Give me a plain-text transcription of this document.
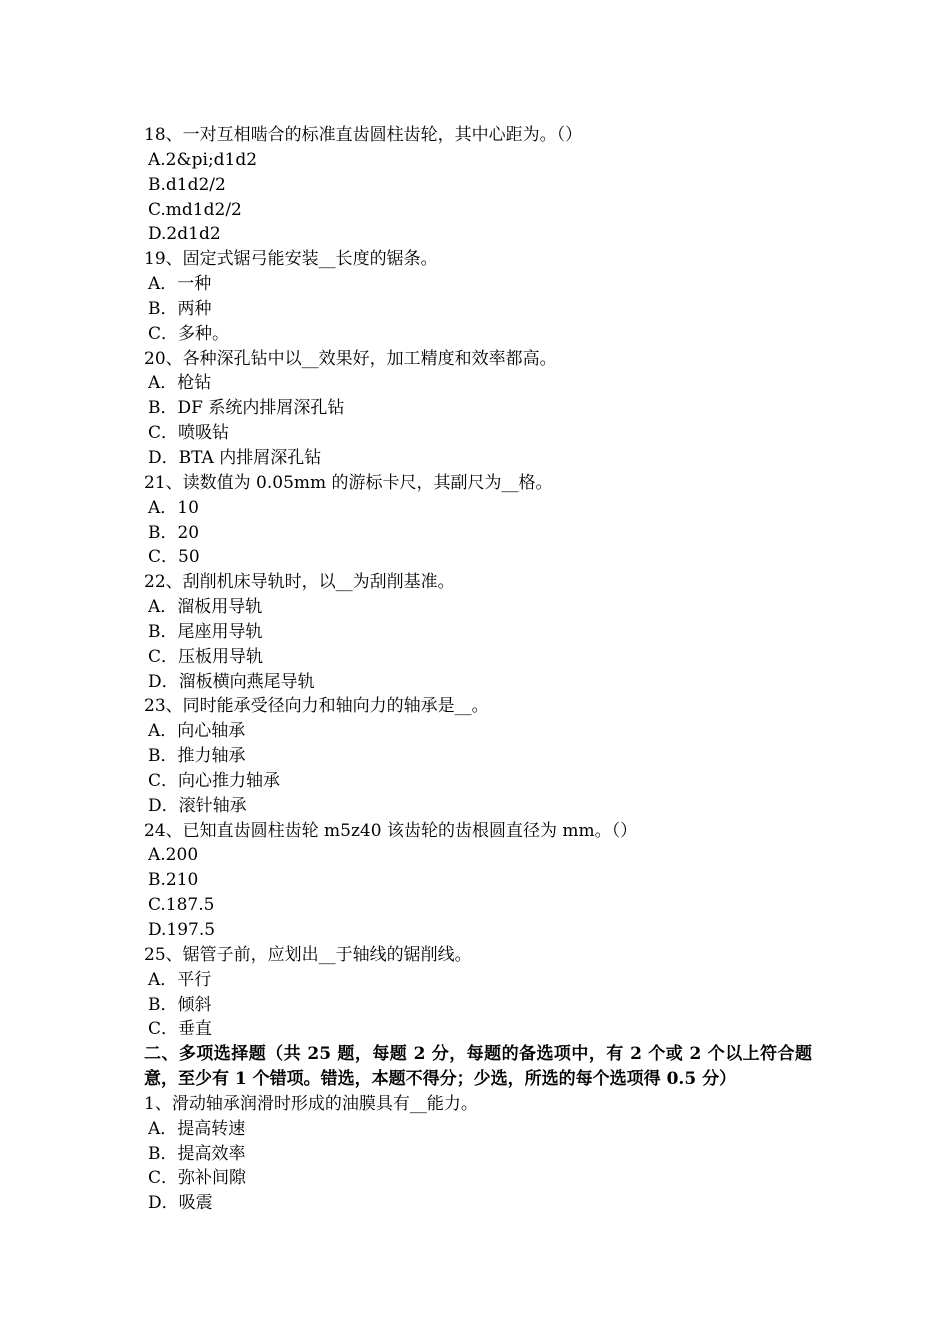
18、一对互相啮合的标准直齿圆柱齿轮，其中心距为。（）
A.2&pi;d1d2
B.d1d2/2
C.md1d2/2
D.2d1d2
19、固定式锯弓能安装__长度的锯条。
A．一种
B．两种
C．多种。
20、各种深孔钻中以__效果好，加工精度和效率都高。
A．枪钻
B．DF 系统内排屑深孔钻
C．喷吸钻
D．BTA 内排屑深孔钻
21、读数值为 0.05mm 的游标卡尺，其副尺为__格。
A．10
B．20
C．50
22、刮削机床导轨时，以__为刮削基准。
A．溜板用导轨
B．尾座用导轨
C．压板用导轨
D．溜板横向燕尾导轨
23、同时能承受径向力和轴向力的轴承是__。
A．向心轴承
B．推力轴承
C．向心推力轴承
D．滚针轴承
24、已知直齿圆柱齿轮 m5z40 该齿轮的齿根圆直径为 mm。（）
A.200
B.210
C.187.5
D.197.5
25、锯管子前，应划出__于轴线的锯削线。
A．平行
B．倾斜
C．垂直
二、多项选择题（共 25 题，每题 2 分，每题的备选项中，有 2 个或 2 个以上符合题意，至少有 1 个错项。错选，本题不得分；少选，所选的每个选项得 0.5 分）
1、滑动轴承润滑时形成的油膜具有__能力。
A．提高转速
B．提高效率
C．弥补间隙
D．吸震
